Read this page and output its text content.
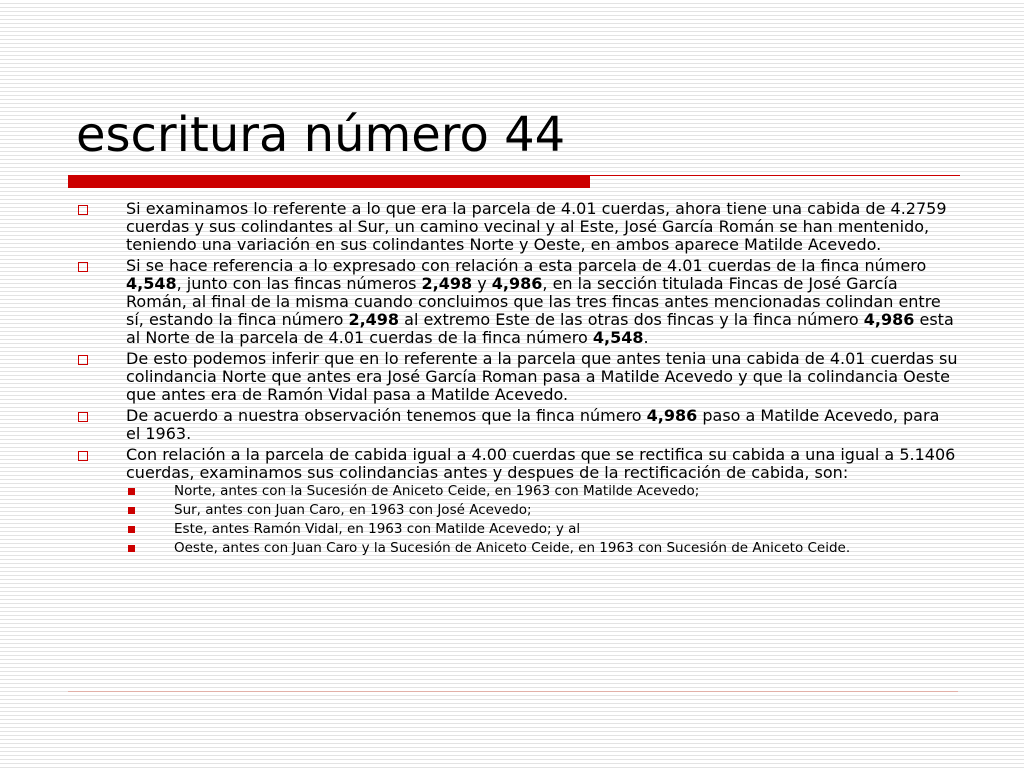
escritura número 44
Si examinamos lo referente a lo que era la parcela de 4.01 cuerdas, ahora tiene una cabida de 4.2759 cuerdas y sus colindantes al Sur, un camino vecinal y al Este, José García Román se han mentenido, teniendo una variación en sus colindantes Norte y Oeste, en ambos aparece Matilde Acevedo.
Si se hace referencia a lo expresado con relación a esta parcela de 4.01 cuerdas de la finca número 4,548, junto con las fincas números 2,498 y 4,986, en la sección titulada Fincas de José García Román, al final de la misma cuando concluimos que las tres fincas antes mencionadas colindan entre sí, estando la finca número 2,498 al extremo Este de las otras dos fincas y la finca número 4,986 esta al Norte de la parcela de 4.01 cuerdas de la finca número 4,548.
De esto podemos inferir que en lo referente a la parcela que antes tenia una cabida de 4.01 cuerdas su colindancia Norte que antes era José García Roman pasa a Matilde Acevedo y que la colindancia Oeste que antes era de Ramón Vidal pasa a Matilde Acevedo.
De acuerdo a nuestra observación tenemos que la finca número 4,986 paso a Matilde Acevedo, para el 1963.
Con relación a la parcela de cabida igual a 4.00 cuerdas que se rectifica su cabida a una igual a 5.1406 cuerdas, examinamos sus colindancias antes y despues de la rectificación de cabida, son:
Norte, antes con la Sucesión de Aniceto Ceide, en 1963 con Matilde Acevedo;
Sur, antes con Juan Caro, en 1963 con José Acevedo;
Este, antes Ramón Vidal, en 1963 con Matilde Acevedo; y al
Oeste, antes con Juan Caro y la Sucesión de Aniceto Ceide, en 1963 con Sucesión de Aniceto Ceide.
